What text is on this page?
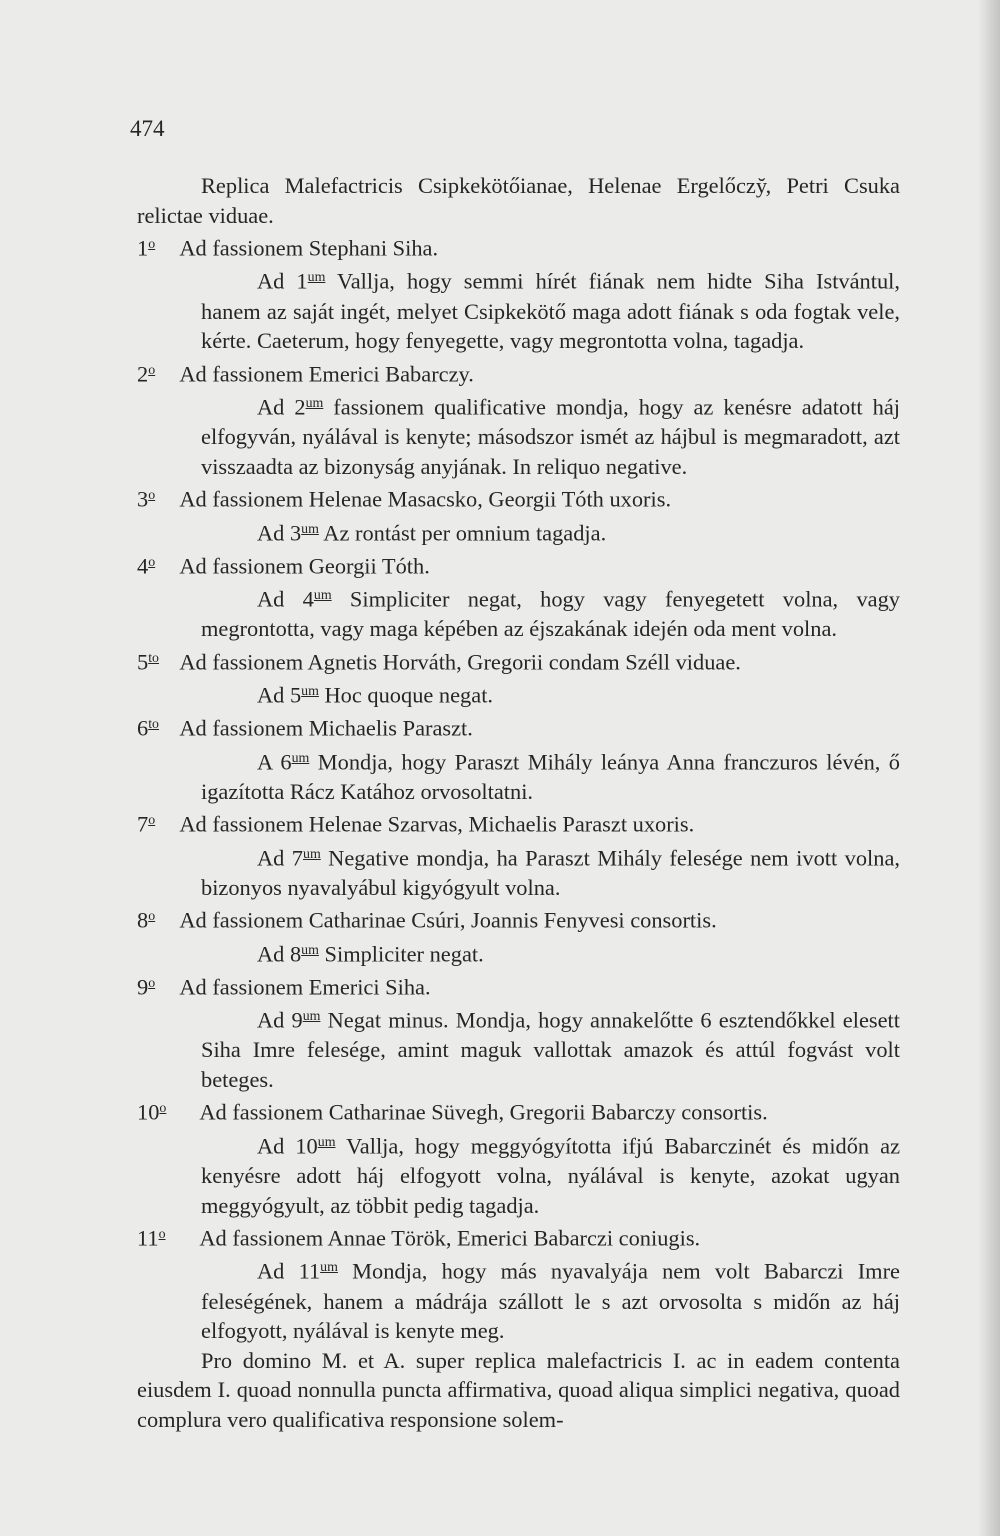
474
Replica Malefactricis Csipkekötőianae, Helenae Ergelőczy̆, Petri Csuka relictae viduae.
1$^o$ Ad fassionem Stephani Siha.
Ad $1^{um}$ Vallja, hogy semmi hírét fiának nem hidte Siha Istvántul, hanem az saját ingét, melyet Csipkekötő maga adott fiának s oda fogtak vele, kérte. Caeterum, hogy fenyegette, vagy megrontotta volna, tagadja.
2$^o$ Ad fassionem Emerici Babarczy.
Ad $2^{um}$ fassionem qualificative mondja, hogy az kenésre adatott háj elfogyván, nyálával is kenyte; másodszor ismét az hájbul is megmaradott, azt visszaadta az bizonyság anyjának. In reliquo negative.
3$^o$ Ad fassionem Helenae Masacsko, Georgii Tóth uxoris.
Ad $3^{um}$ Az rontást per omnium tagadja.
4$^o$ Ad fassionem Georgii Tóth.
Ad $4^{um}$ Simpliciter negat, hogy vagy fenyegetett volna, vagy megrontotta, vagy maga képében az éjszakának idején oda ment volna.
$5^{to}$ Ad fassionem Agnetis Horváth, Gregorii condam Széll viduae.
Ad $5^{um}$ Hoc quoque negat.
$6^{to}$ Ad fassionem Michaelis Paraszt.
A $6^{um}$ Mondja, hogy Paraszt Mihály leánya Anna franczuros lévén, ő igazította Rácz Katához orvosoltatni.
7$^o$ Ad fassionem Helenae Szarvas, Michaelis Paraszt uxoris.
Ad $7^{um}$ Negative mondja, ha Paraszt Mihály felesége nem ivott volna, bizonyos nyavalyábul kigyógyult volna.
8$^o$ Ad fassionem Catharinae Csúri, Joannis Fenyvesi consortis.
Ad $8^{um}$ Simpliciter negat.
9$^o$ Ad fassionem Emerici Siha.
Ad $9^{um}$ Negat minus. Mondja, hogy annakelőtte 6 esztendőkkel elesett Siha Imre felesége, amint maguk vallottak amazok és attúl fogvást volt beteges.
10$^o$ Ad fassionem Catharinae Süvegh, Gregorii Babarczy consortis.
Ad $10^{um}$ Vallja, hogy meggyógyította ifjú Babarczinét és midőn az kenyésre adott háj elfogyott volna, nyálával is kenyte, azokat ugyan meggyógyult, az többit pedig tagadja.
11$^o$ Ad fassionem Annae Török, Emerici Babarczi coniugis.
Ad $11^{um}$ Mondja, hogy más nyavalyája nem volt Babarczi Imre feleségének, hanem a mádrája szállott le s azt orvosolta s midőn az háj elfogyott, nyálával is kenyte meg.
Pro domino M. et A. super replica malefactricis I. ac in eadem contenta eiusdem I. quoad nonnulla puncta affirmativa, quoad aliqua simplici negativa, quoad complura vero qualificativa responsione solem-
